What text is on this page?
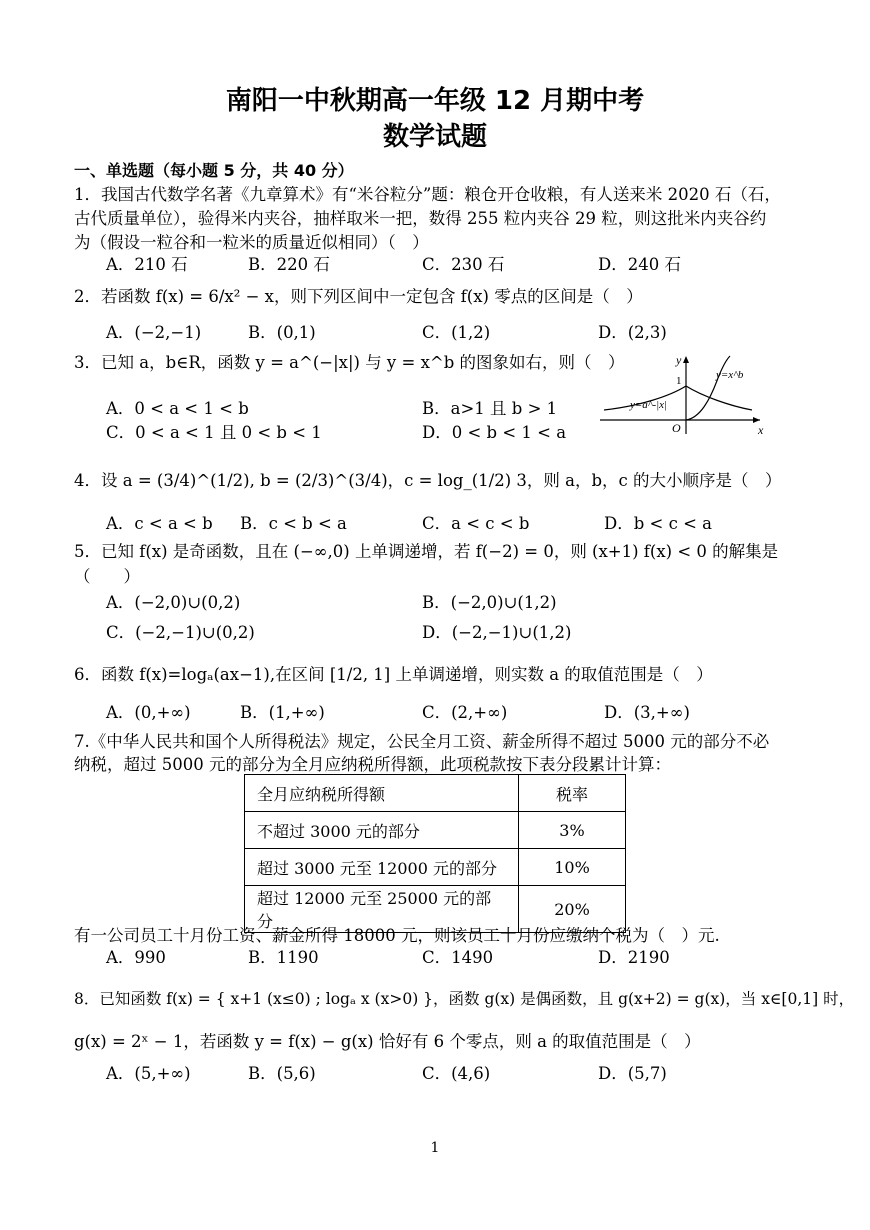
南阳一中秋期高一年级 12 月期中考
数学试题
一、单选题（每小题 5 分，共 40 分）
1．我国古代数学名著《九章算术》有“米谷粒分”题：粮仓开仓收粮，有人送来米 2020 石（石，
古代质量单位），验得米内夹谷，抽样取米一把，数得 255 粒内夹谷 29 粒，则这批米内夹谷约
为（假设一粒谷和一粒米的质量近似相同）（　）
A．210 石	B．220 石	C．230 石	D．240 石
2．若函数 f(x) = 6/x² − x，则下列区间中一定包含 f(x) 零点的区间是（　）
A．(−2,−1)	B．(0,1)	C．(1,2)	D．(2,3)
3．已知 a，b∈R，函数 y = a^(−|x|) 与 y = x^b 的图象如右，则（　）
A．0 < a < 1 < b	B．a>1 且 b > 1
C．0 < a < 1 且 0 < b < 1	D．0 < b < 1 < a
y
x
O
1	y=x^b
y=a^-|x|
4．设 a = (3/4)^(1/2), b = (2/3)^(3/4)，c = log_(1/2) 3，则 a，b，c 的大小顺序是（　）
A．c < a < b B．c < b < a	C．a < c < b	D．b < c < a
5．已知 f(x) 是奇函数，且在 (−∞,0) 上单调递增，若 f(−2) = 0，则 (x+1) f(x) < 0 的解集是
（　　）
A．(−2,0)∪(0,2)	B．(−2,0)∪(1,2)
C．(−2,−1)∪(0,2)	D．(−2,−1)∪(1,2)
6．函数 f(x)=logₐ(ax−1),在区间 [1/2, 1] 上单调递增，则实数 a 的取值范围是（　）
A．(0,+∞)	B．(1,+∞)	C．(2,+∞)	D．(3,+∞)
7.《中华人民共和国个人所得税法》规定，公民全月工资、薪金所得不超过 5000 元的部分不必
纳税，超过 5000 元的部分为全月应纳税所得额，此项税款按下表分段累计计算：
全月应纳税所得额	税率
不超过 3000 元的部分	3%
超过 3000 元至 12000 元的部分	10%
超过 12000 元至 25000 元的部分	20%
有一公司员工十月份工资、薪金所得 18000 元，则该员工十月份应缴纳个税为（　）元.
A．990	B．1190	C．1490	D．2190
8．已知函数 f(x) = { x+1 (x≤0) ; logₐ x (x>0) }，函数 g(x) 是偶函数，且 g(x+2) = g(x)，当 x∈[0,1] 时，
g(x) = 2ˣ − 1，若函数 y = f(x) − g(x) 恰好有 6 个零点，则 a 的取值范围是（　）
A．(5,+∞)	B．(5,6)	C．(4,6)	D．(5,7)
1
